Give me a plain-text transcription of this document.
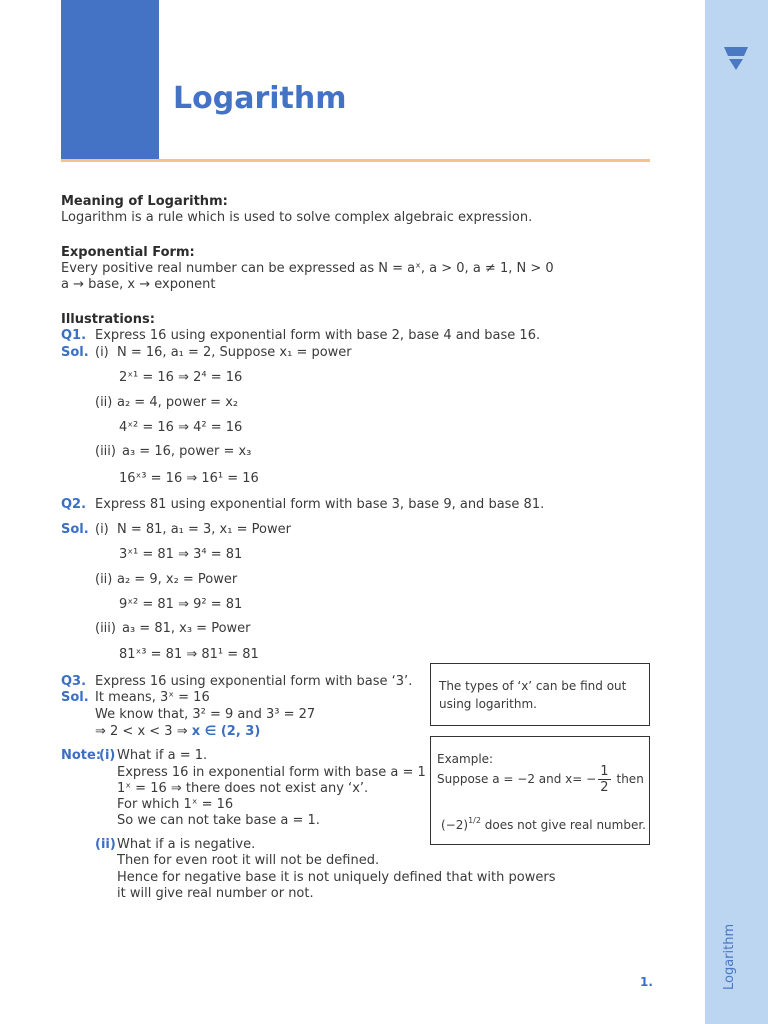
Logarithm
Logarithm
Meaning of Logarithm:
Logarithm is a rule which is used to solve complex algebraic expression.
Exponential Form:
Every positive real number can be expressed as N = aˣ, a > 0, a ≠ 1, N > 0
a → base, x → exponent
Illustrations:
Q1. Express 16 using exponential form with base 2, base 4 and base 16.
Sol. (i) N = 16, a₁ = 2, Suppose x₁ = power
2ˣ¹ = 16 ⇒ 2⁴ = 16
(ii) a₂ = 4, power = x₂
4ˣ² = 16 ⇒ 4² = 16
(iii) a₃ = 16, power = x₃
16ˣ³ = 16 ⇒ 16¹ = 16
Q2. Express 81 using exponential form with base 3, base 9, and base 81.
Sol. (i) N = 81, a₁ = 3, x₁ = Power
3ˣ¹ = 81 ⇒ 3⁴ = 81
(ii) a₂ = 9, x₂ = Power
9ˣ² = 81 ⇒ 9² = 81
(iii) a₃ = 81, x₃ = Power
81ˣ³ = 81 ⇒ 81¹ = 81
Q3. Express 16 using exponential form with base ‘3’.
Sol. It means, 3ˣ = 16
We know that, 3² = 9 and 3³ = 27
⇒ 2 < x < 3 ⇒ x ∈ (2, 3)
The types of ‘x’ can be find out
using logarithm.
Example:
Suppose a = −2 and $x= - \frac{1}{2}$ then
$(-2)^{1/2}$ does not give real number.
Note:
(i) What if a = 1.
Express 16 in exponential form with base a = 1
1ˣ = 16 ⇒ there does not exist any ‘x’.
For which 1ˣ = 16
So we can not take base a = 1.
(ii) What if a is negative.
Then for even root it will not be defined.
Hence for negative base it is not uniquely defined that with powers
it will give real number or not.
1.
